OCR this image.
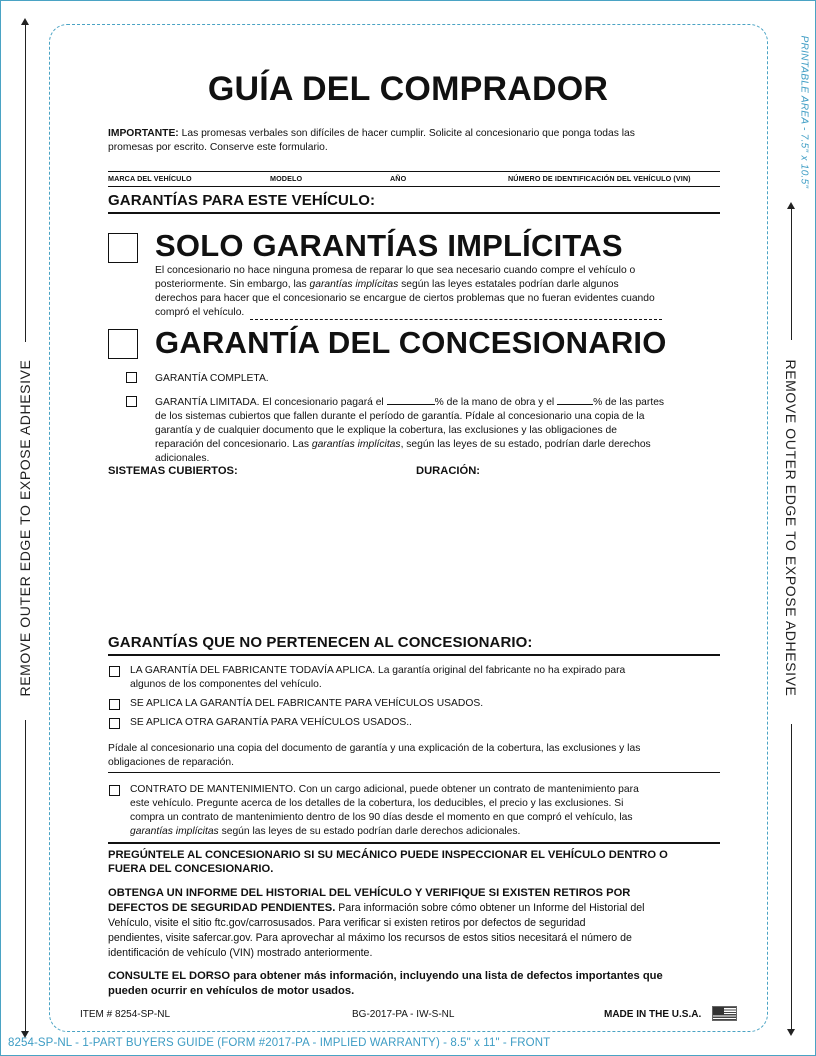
REMOVE OUTER EDGE TO EXPOSE ADHESIVE	REMOVE OUTER EDGE TO EXPOSE ADHESIVE
PRINTABLE AREA - 7.5" x 10.5"
8254-SP-NL - 1-PART BUYERS GUIDE (FORM #2017-PA - IMPLIED WARRANTY) - 8.5" x 11" - FRONT
GUÍA DEL COMPRADOR
IMPORTANTE: Las promesas verbales son difíciles de hacer cumplir. Solicite al concesionario que ponga todas las
promesas por escrito. Conserve este formulario.
MARCA DEL VEHÍCULO	MODELO	AÑO	NÚMERO DE IDENTIFICACIÓN DEL VEHÍCULO (VIN)
GARANTÍAS PARA ESTE VEHÍCULO:
SOLO GARANTÍAS IMPLÍCITAS
El concesionario no hace ninguna promesa de reparar lo que sea necesario cuando compre el vehículo o
posteriormente. Sin embargo, las garantías implícitas según las leyes estatales podrían darle algunos
derechos para hacer que el concesionario se encargue de ciertos problemas que no fueran evidentes cuando
compró el vehículo.
GARANTÍA DEL CONCESIONARIO
GARANTÍA COMPLETA.
GARANTÍA LIMITADA. El concesionario pagará el	% de la mano de obra y el	% de las partes
de los sistemas cubiertos que fallen durante el período de garantía. Pídale al concesionario una copia de la
garantía y de cualquier documento que le explique la cobertura, las exclusiones y las obligaciones de
reparación del concesionario. Las garantías implícitas, según las leyes de su estado, podrían darle derechos
adicionales.
SISTEMAS CUBIERTOS:	DURACIÓN:
GARANTÍAS QUE NO PERTENECEN AL CONCESIONARIO:
LA GARANTÍA DEL FABRICANTE TODAVÍA APLICA. La garantía original del fabricante no ha expirado para
algunos de los componentes del vehículo.
SE APLICA LA GARANTÍA DEL FABRICANTE PARA VEHÍCULOS USADOS.
SE APLICA OTRA GARANTÍA PARA VEHÍCULOS USADOS..
Pídale al concesionario una copia del documento de garantía y una explicación de la cobertura, las exclusiones y las
obligaciones de reparación.
CONTRATO DE MANTENIMIENTO. Con un cargo adicional, puede obtener un contrato de mantenimiento para
este vehículo. Pregunte acerca de los detalles de la cobertura, los deducibles, el precio y las exclusiones. Si
compra un contrato de mantenimiento dentro de los 90 días desde el momento en que compró el vehículo, las
garantías implícitas según las leyes de su estado podrían darle derechos adicionales.
PREGÚNTELE AL CONCESIONARIO SI SU MECÁNICO PUEDE INSPECCIONAR EL VEHÍCULO DENTRO O
FUERA DEL CONCESIONARIO.
OBTENGA UN INFORME DEL HISTORIAL DEL VEHÍCULO Y VERIFIQUE SI EXISTEN RETIROS POR
DEFECTOS DE SEGURIDAD PENDIENTES. Para información sobre cómo obtener un Informe del Historial del
Vehículo, visite el sitio ftc.gov/carrosusados. Para verificar si existen retiros por defectos de seguridad
pendientes, visite safercar.gov. Para aprovechar al máximo los recursos de estos sitios necesitará el número de
identificación de vehículo (VIN) mostrado anteriormente.
CONSULTE EL DORSO para obtener más información, incluyendo una lista de defectos importantes que
pueden ocurrir en vehículos de motor usados.
ITEM # 8254-SP-NL	BG-2017-PA - IW-S-NL	MADE IN THE U.S.A.
